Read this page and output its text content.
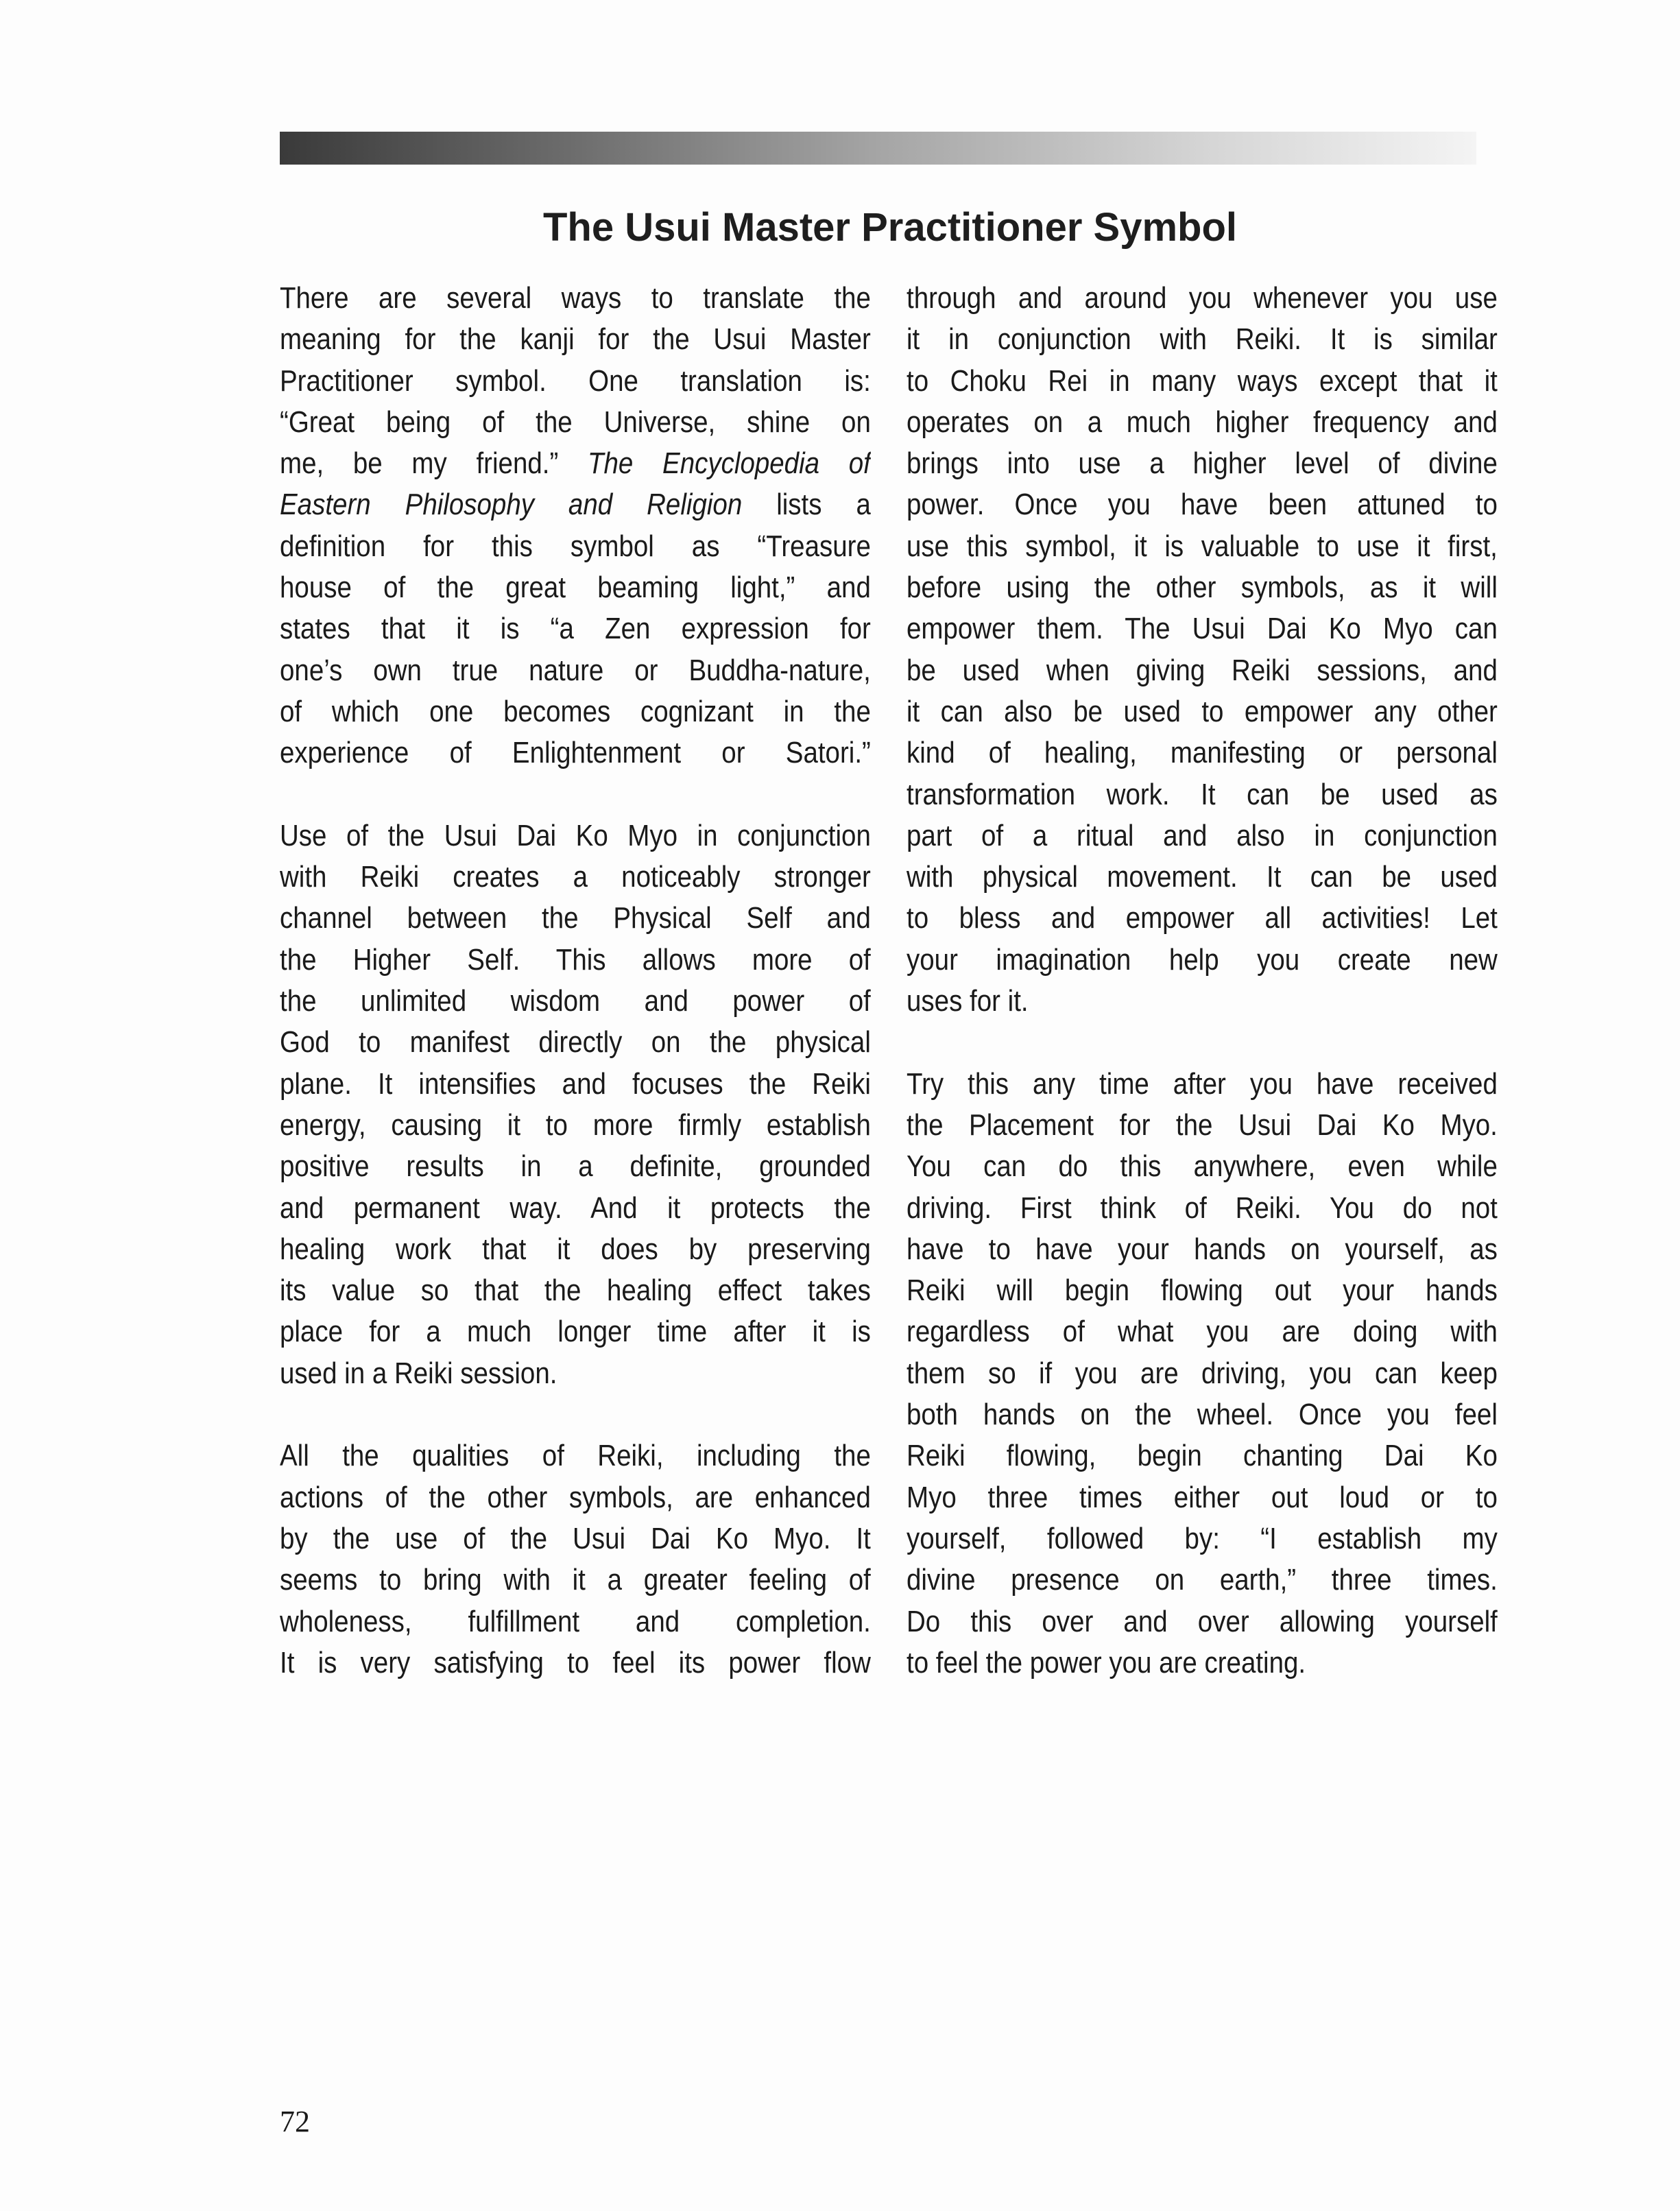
The Usui Master Practitioner Symbol
There are several ways to translate the
meaning for the kanji for the Usui Master
Practitioner symbol. One translation is:
“Great being of the Universe, shine on
me, be my friend.” The Encyclopedia of
Eastern Philosophy and Religion lists a
definition for this symbol as “Treasure
house of the great beaming light,” and
states that it is “a Zen expression for
one’s own true nature or Buddha-nature,
of which one becomes cognizant in the
experience of Enlightenment or Satori.”
Use of the Usui Dai Ko Myo in conjunction
with Reiki creates a noticeably stronger
channel between the Physical Self and
the Higher Self. This allows more of
the unlimited wisdom and power of
God to manifest directly on the physical
plane. It intensifies and focuses the Reiki
energy, causing it to more firmly establish
positive results in a definite, grounded
and permanent way. And it protects the
healing work that it does by preserving
its value so that the healing effect takes
place for a much longer time after it is
used in a Reiki session.
All the qualities of Reiki, including the
actions of the other symbols, are enhanced
by the use of the Usui Dai Ko Myo. It
seems to bring with it a greater feeling of
wholeness, fulfillment and completion.
It is very satisfying to feel its power flow
through and around you whenever you use
it in conjunction with Reiki. It is similar
to Choku Rei in many ways except that it
operates on a much higher frequency and
brings into use a higher level of divine
power. Once you have been attuned to
use this symbol, it is valuable to use it first,
before using the other symbols, as it will
empower them. The Usui Dai Ko Myo can
be used when giving Reiki sessions, and
it can also be used to empower any other
kind of healing, manifesting or personal
transformation work. It can be used as
part of a ritual and also in conjunction
with physical movement. It can be used
to bless and empower all activities! Let
your imagination help you create new
uses for it.
Try this any time after you have received
the Placement for the Usui Dai Ko Myo.
You can do this anywhere, even while
driving. First think of Reiki. You do not
have to have your hands on yourself, as
Reiki will begin flowing out your hands
regardless of what you are doing with
them so if you are driving, you can keep
both hands on the wheel. Once you feel
Reiki flowing, begin chanting Dai Ko
Myo three times either out loud or to
yourself, followed by: “I establish my
divine presence on earth,” three times.
Do this over and over allowing yourself
to feel the power you are creating.
72
